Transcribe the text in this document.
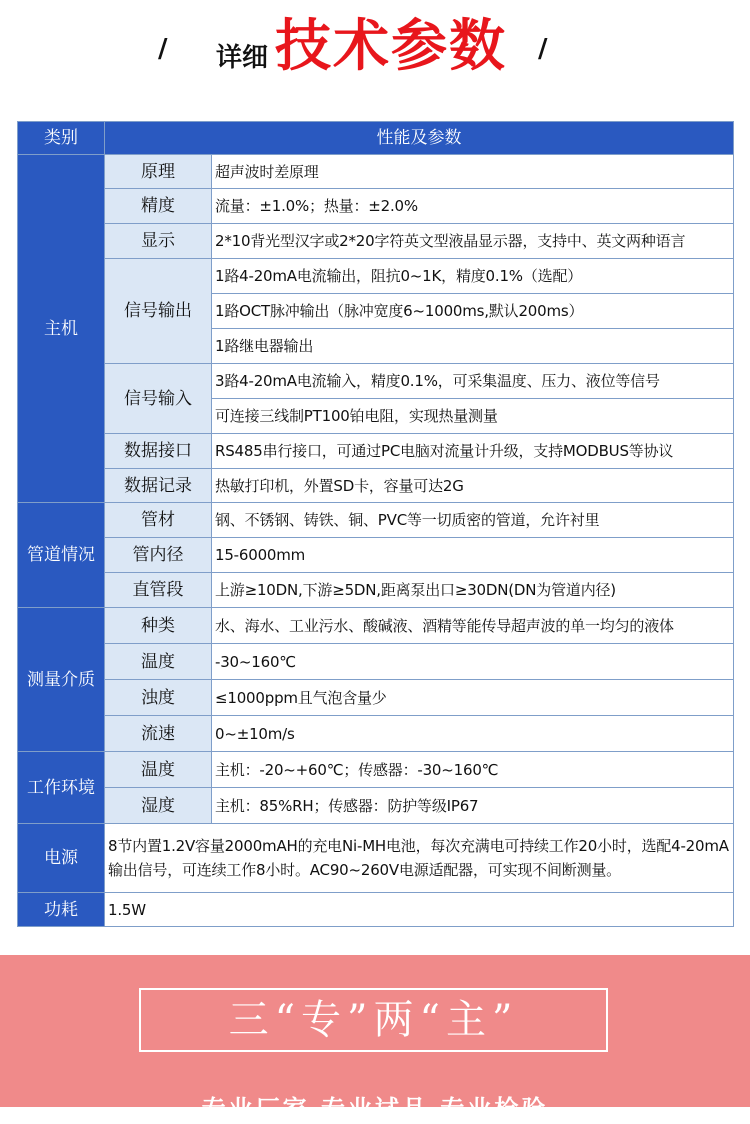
/ 详细 技术参数 /
类别	性能及参数	
主机	原理	超声波时差原理
	精度	流量：±1.0%；热量：±2.0%
	显示	2*10背光型汉字或2*20字符英文型液晶显示器，支持中、英文两种语言
	信号输出	1路4-20mA电流输出，阻抗0~1K，精度0.1%（选配）
		1路OCT脉冲输出（脉冲宽度6~1000ms,默认200ms）
		1路继电器输出
	信号输入	3路4-20mA电流输入，精度0.1%，可采集温度、压力、液位等信号
		可连接三线制PT100铂电阻，实现热量测量
	数据接口	RS485串行接口，可通过PC电脑对流量计升级，支持MODBUS等协议
	数据记录	热敏打印机，外置SD卡，容量可达2G
管道情况	管材	钢、不锈钢、铸铁、铜、PVC等一切质密的管道，允许衬里
	管内径	15-6000mm
	直管段	上游≥10DN,下游≥5DN,距离泵出口≥30DN(DN为管道内径)
测量介质	种类	水、海水、工业污水、酸碱液、酒精等能传导超声波的单一均匀的液体
	温度	-30~160℃
	浊度	≤1000ppm且气泡含量少
	流速	0~±10m/s
工作环境	温度	主机：-20~+60℃；传感器：-30~160℃
	湿度	主机：85%RH；传感器：防护等级IP67
电源	8节内置1.2V容量2000mAH的充电Ni-MH电池，每次充满电可持续工作20小时，选配4-20mA输出信号，可连续工作8小时。AC90~260V电源适配器，可实现不间断测量。	
功耗	1.5W	
三“专”两“主”
专业厂家 专业试品 专业检验
